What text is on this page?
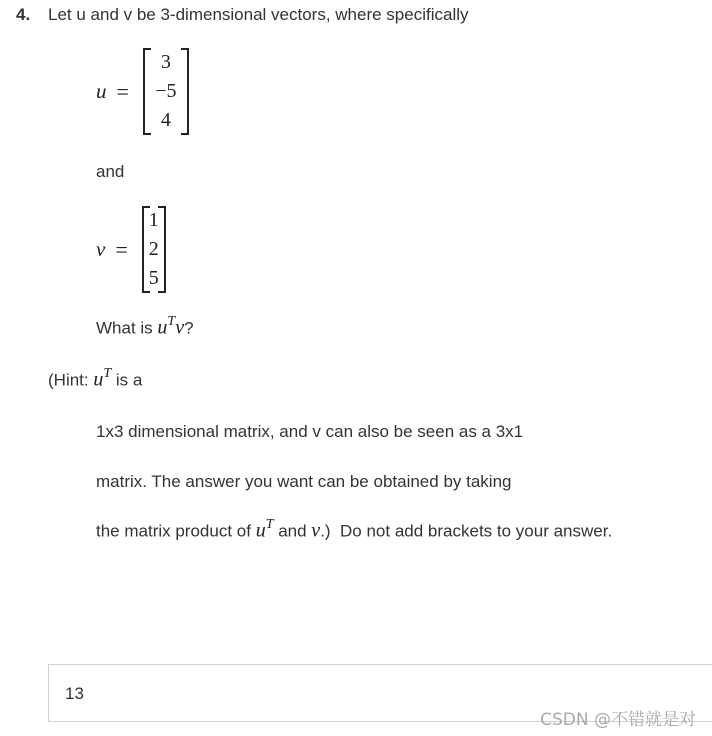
4. Let u and v be 3-dimensional vectors, where specifically
u =
3
−5
4
and
v =
1
2
5
What is $u^Tv$?
(Hint: $u^T$ is a
1x3 dimensional matrix, and v can also be seen as a 3x1
matrix. The answer you want can be obtained by taking
the matrix product of $u^T$ and v.)  Do not add brackets to your answer.
13
CSDN @不错就是对
